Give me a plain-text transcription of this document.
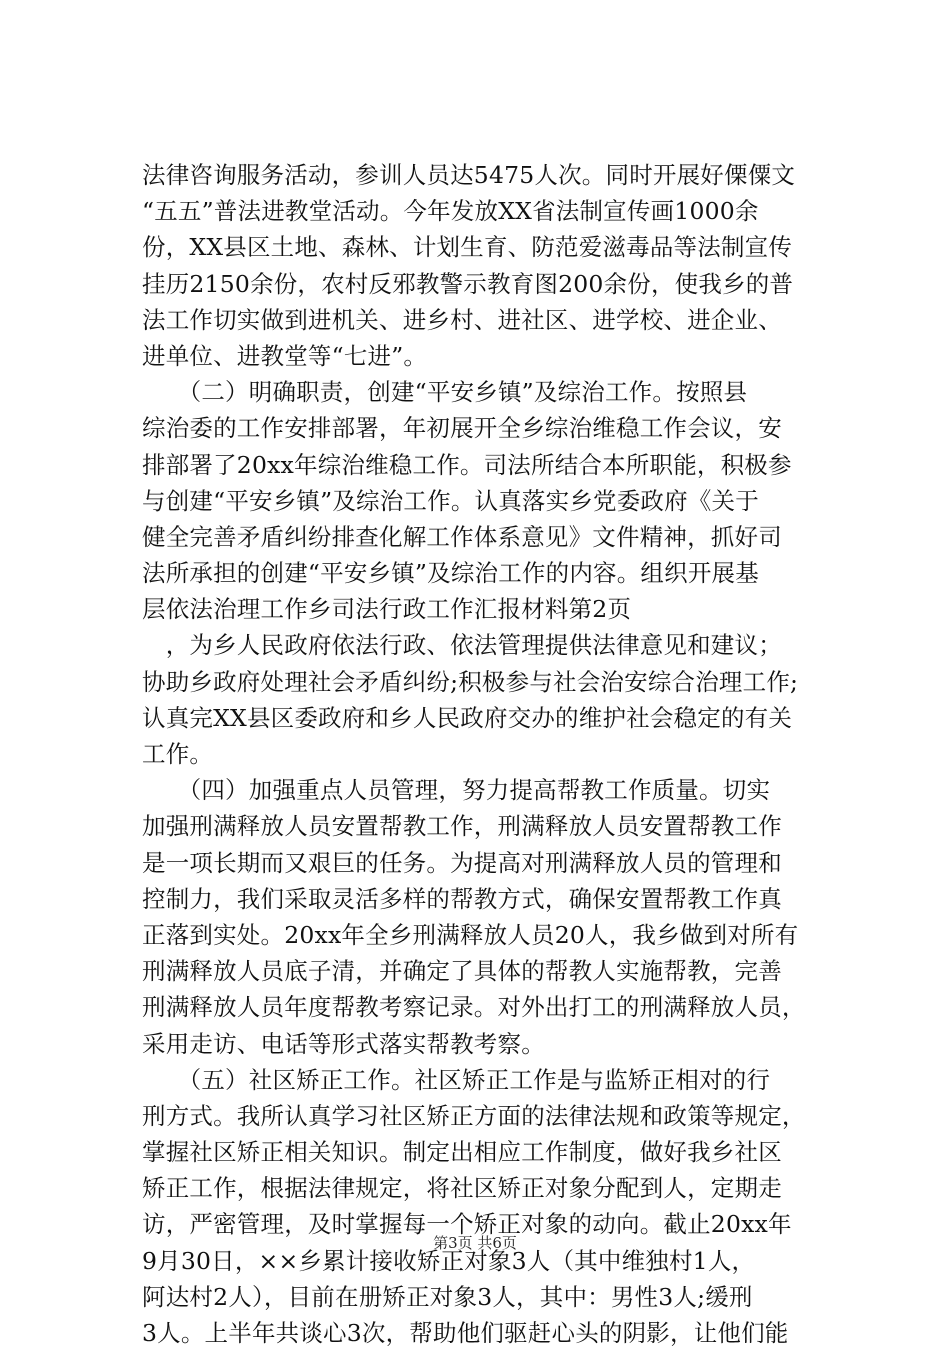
法律咨询服务活动，参训人员达5475人次。同时开展好傈僳文
“五五”普法进教堂活动。今年发放XX省法制宣传画1000余
份，XX县区土地、森林、计划生育、防范爱滋毒品等法制宣传
挂历2150余份，农村反邪教警示教育图200余份，使我乡的普
法工作切实做到进机关、进乡村、进社区、进学校、进企业、
进单位、进教堂等“七进”。
　　（二）明确职责，创建“平安乡镇”及综治工作。按照县
综治委的工作安排部署，年初展开全乡综治维稳工作会议，安
排部署了20xx年综治维稳工作。司法所结合本所职能，积极参
与创建“平安乡镇”及综治工作。认真落实乡党委政府《关于
健全完善矛盾纠纷排查化解工作体系意见》文件精神，抓好司
法所承担的创建“平安乡镇”及综治工作的内容。组织开展基
层依法治理工作乡司法行政工作汇报材料第2页
　，为乡人民政府依法行政、依法管理提供法律意见和建议；
协助乡政府处理社会矛盾纠纷;积极参与社会治安综合治理工作;
认真完XX县区委政府和乡人民政府交办的维护社会稳定的有关
工作。
　　（四）加强重点人员管理，努力提高帮教工作质量。切实
加强刑满释放人员安置帮教工作，刑满释放人员安置帮教工作
是一项长期而又艰巨的任务。为提高对刑满释放人员的管理和
控制力，我们采取灵活多样的帮教方式，确保安置帮教工作真
正落到实处。20xx年全乡刑满释放人员20人，我乡做到对所有
刑满释放人员底子清，并确定了具体的帮教人实施帮教，完善
刑满释放人员年度帮教考察记录。对外出打工的刑满释放人员，
采用走访、电话等形式落实帮教考察。
　　（五）社区矫正工作。社区矫正工作是与监矫正相对的行
刑方式。我所认真学习社区矫正方面的法律法规和政策等规定，
掌握社区矫正相关知识。制定出相应工作制度，做好我乡社区
矫正工作，根据法律规定，将社区矫正对象分配到人，定期走
访，严密管理，及时掌握每一个矫正对象的动向。截止20xx年
9月30日，××乡累计接收矫正对象3人（其中维独村1人，
阿达村2人），目前在册矫正对象3人，其中：男性3人;缓刑
3人。上半年共谈心3次，帮助他们驱赶心头的阴影，让他们能
第3页 共6页
